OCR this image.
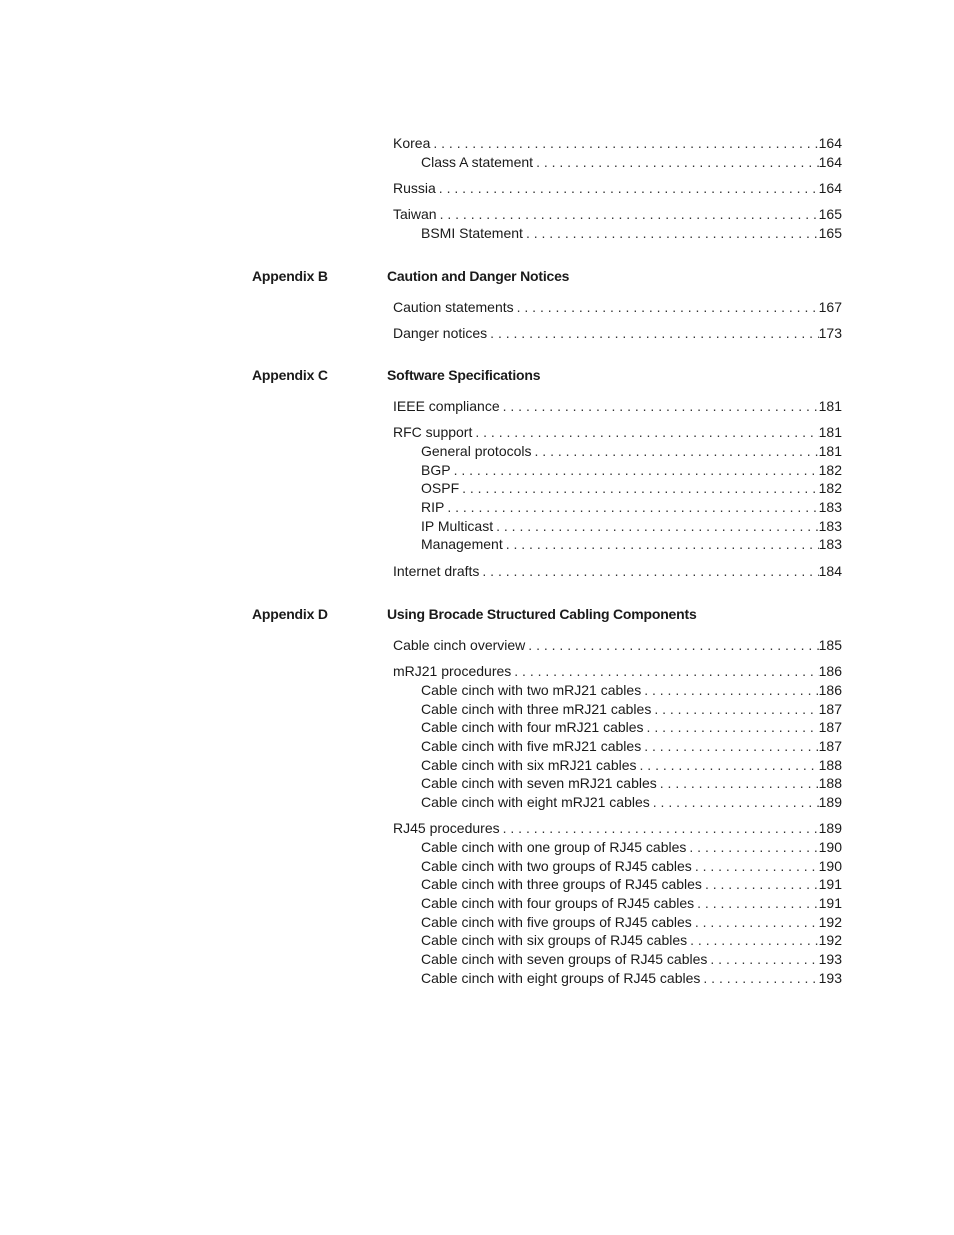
Korea . . .	164
Class A statement . . .	164
Russia . . .	164
Taiwan . . .	165
BSMI Statement . . .	165
Appendix B	Caution and Danger Notices
Caution statements . . .	167
Danger notices . . .	173
Appendix C	Software Specifications
IEEE compliance . . .	181
RFC support . . .	181
General protocols . . .	181
BGP . . .	182
OSPF . . .	182
RIP . . .	183
IP Multicast . . .	183
Management . . .	183
Internet drafts . . .	184
Appendix D	Using Brocade Structured Cabling Components
Cable cinch overview . . .	185
mRJ21 procedures . . .	186
Cable cinch with two mRJ21 cables . . .	186
Cable cinch with three mRJ21 cables . . .	187
Cable cinch with four mRJ21 cables . . .	187
Cable cinch with five mRJ21 cables . . .	187
Cable cinch with six mRJ21 cables . . .	188
Cable cinch with seven mRJ21 cables . . .	188
Cable cinch with eight mRJ21 cables . . .	189
RJ45 procedures . . .	189
Cable cinch with one group of RJ45 cables . . .	190
Cable cinch with two groups of RJ45 cables . . .	190
Cable cinch with three groups of RJ45 cables . . .	191
Cable cinch with four groups of RJ45 cables . . .	191
Cable cinch with five groups of RJ45 cables . . .	192
Cable cinch with six groups of RJ45 cables . . .	192
Cable cinch with seven groups of RJ45 cables . . .	193
Cable cinch with eight groups of RJ45 cables . . .	193
